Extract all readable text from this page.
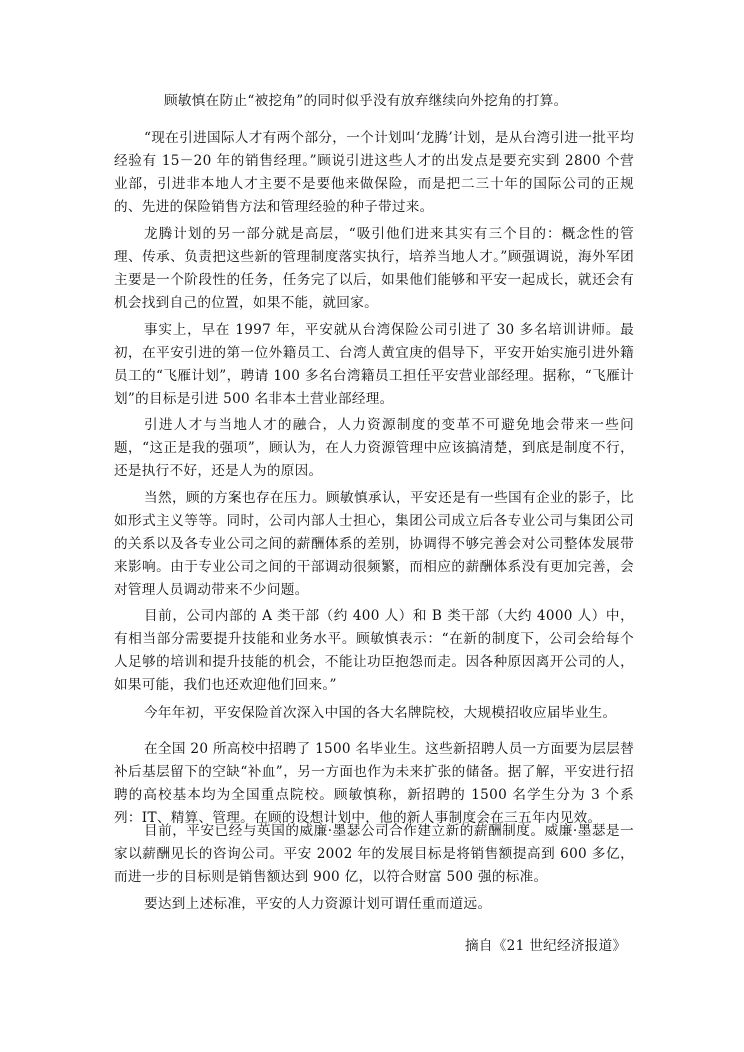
顾敏慎在防止“被挖角”的同时似乎没有放弃继续向外挖角的打算。

“现在引进国际人才有两个部分，一个计划叫‘龙腾’计划，是从台湾引进一批平均经验有 15－20 年的销售经理。”顾说引进这些人才的出发点是要充实到 2800 个营业部，引进非本地人才主要不是要他来做保险，而是把二三十年的国际公司的正规的、先进的保险销售方法和管理经验的种子带过来。

龙腾计划的另一部分就是高层，“吸引他们进来其实有三个目的：概念性的管理、传承、负责把这些新的管理制度落实执行，培养当地人才。”顾强调说，海外军团主要是一个阶段性的任务，任务完了以后，如果他们能够和平安一起成长，就还会有机会找到自己的位置，如果不能，就回家。

事实上，早在 1997 年，平安就从台湾保险公司引进了 30 多名培训讲师。最初，在平安引进的第一位外籍员工、台湾人黄宜庚的倡导下，平安开始实施引进外籍员工的“飞雁计划”，聘请 100 多名台湾籍员工担任平安营业部经理。据称，“飞雁计划”的目标是引进 500 名非本土营业部经理。

引进人才与当地人才的融合，人力资源制度的变革不可避免地会带来一些问题，“这正是我的强项”，顾认为，在人力资源管理中应该搞清楚，到底是制度不行，还是执行不好，还是人为的原因。

当然，顾的方案也存在压力。顾敏慎承认，平安还是有一些国有企业的影子，比如形式主义等等。同时，公司内部人士担心，集团公司成立后各专业公司与集团公司的关系以及各专业公司之间的薪酬体系的差别，协调得不够完善会对公司整体发展带来影响。由于专业公司之间的干部调动很频繁，而相应的薪酬体系没有更加完善，会对管理人员调动带来不少问题。

目前，公司内部的 A 类干部（约 400 人）和 B 类干部（大约 4000 人）中，有相当部分需要提升技能和业务水平。顾敏慎表示：“在新的制度下，公司会给每个人足够的培训和提升技能的机会，不能让功臣抱怨而走。因各种原因离开公司的人，如果可能，我们也还欢迎他们回来。”

今年年初，平安保险首次深入中国的各大名牌院校，大规模招收应届毕业生。

在全国 20 所高校中招聘了 1500 名毕业生。这些新招聘人员一方面要为层层替补后基层留下的空缺“补血”，另一方面也作为未来扩张的储备。据了解，平安进行招聘的高校基本均为全国重点院校。顾敏慎称，新招聘的 1500 名学生分为 3 个系列：IT、精算、管理。在顾的设想计划中，他的新人事制度会在三五年内见效。

目前，平安已经与英国的威廉·墨瑟公司合作建立新的薪酬制度。威廉·墨瑟是一家以薪酬见长的咨询公司。平安 2002 年的发展目标是将销售额提高到 600 多亿，而进一步的目标则是销售额达到 900 亿，以符合财富 500 强的标准。

要达到上述标准，平安的人力资源计划可谓任重而道远。

摘自《21 世纪经济报道》
